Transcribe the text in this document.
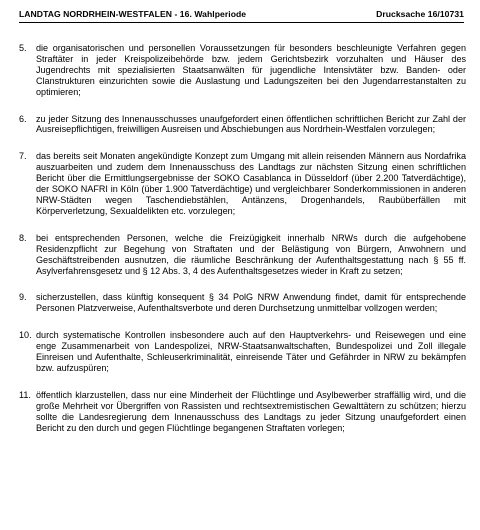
LANDTAG NORDRHEIN-WESTFALEN - 16. Wahlperiode	Drucksache 16/10731
5.	die organisatorischen und personellen Voraussetzungen für besonders beschleunigte Verfahren gegen Straftäter in jeder Kreispolizeibehörde bzw. jedem Gerichtsbezirk vorzuhalten und Häuser des Jugendrechts mit spezialisierten Staatsanwälten für jugendliche Intensivtäter bzw. Banden- oder Clanstrukturen einzurichten sowie die Auslastung und Ladungszeiten bei den Jugendarrestanstalten zu optimieren;
6.	zu jeder Sitzung des Innenausschusses unaufgefordert einen öffentlichen schriftlichen Bericht zur Zahl der Ausreisepflichtigen, freiwilligen Ausreisen und Abschiebungen aus Nordrhein-Westfalen vorzulegen;
7.	das bereits seit Monaten angekündigte Konzept zum Umgang mit allein reisenden Männern aus Nordafrika auszuarbeiten und zudem dem Innenausschuss des Landtags zur nächsten Sitzung einen schriftlichen Bericht über die Ermittlungsergebnisse der SOKO Casablanca in Düsseldorf (über 2.200 Tatverdächtige), der SOKO NAFRI in Köln (über 1.900 Tatverdächtige) und vergleichbarer Sonderkommissionen in anderen NRW-Städten wegen Taschendiebstählen, Antänzens, Drogenhandels, Raubüberfällen mit Körperverletzung, Sexualdelikten etc. vorzulegen;
8.	bei entsprechenden Personen, welche die Freizügigkeit innerhalb NRWs durch die aufgehobene Residenzpflicht zur Begehung von Straftaten und der Belästigung von Bürgern, Anwohnern und Geschäftstreibenden ausnutzen, die räumliche Beschränkung der Aufenthaltsgestattung nach § 55 ff. Asylverfahrensgesetz und § 12 Abs. 3, 4 des Aufenthaltsgesetzes wieder in Kraft zu setzen;
9.	sicherzustellen, dass künftig konsequent § 34 PolG NRW Anwendung findet, damit für entsprechende Personen Platzverweise, Aufenthaltsverbote und deren Durchsetzung unmittelbar vollzogen werden;
10. durch systematische Kontrollen insbesondere auch auf den Hauptverkehrs- und Reisewegen und eine enge Zusammenarbeit von Landespolizei, NRW-Staatsanwaltschaften, Bundespolizei und Zoll illegale Einreisen und Aufenthalte, Schleuserkriminalität, einreisende Täter und Gefährder in NRW zu bekämpfen bzw. aufzuspüren;
11. öffentlich klarzustellen, dass nur eine Minderheit der Flüchtlinge und Asylbewerber straffällig wird, und die große Mehrheit vor Übergriffen von Rassisten und rechtsextremistischen Gewalttätern zu schützen; hierzu sollte die Landesregierung dem Innenausschuss des Landtags zu jeder Sitzung unaufgefordert einen Bericht zu den durch und gegen Flüchtlinge begangenen Straftaten vorlegen;
